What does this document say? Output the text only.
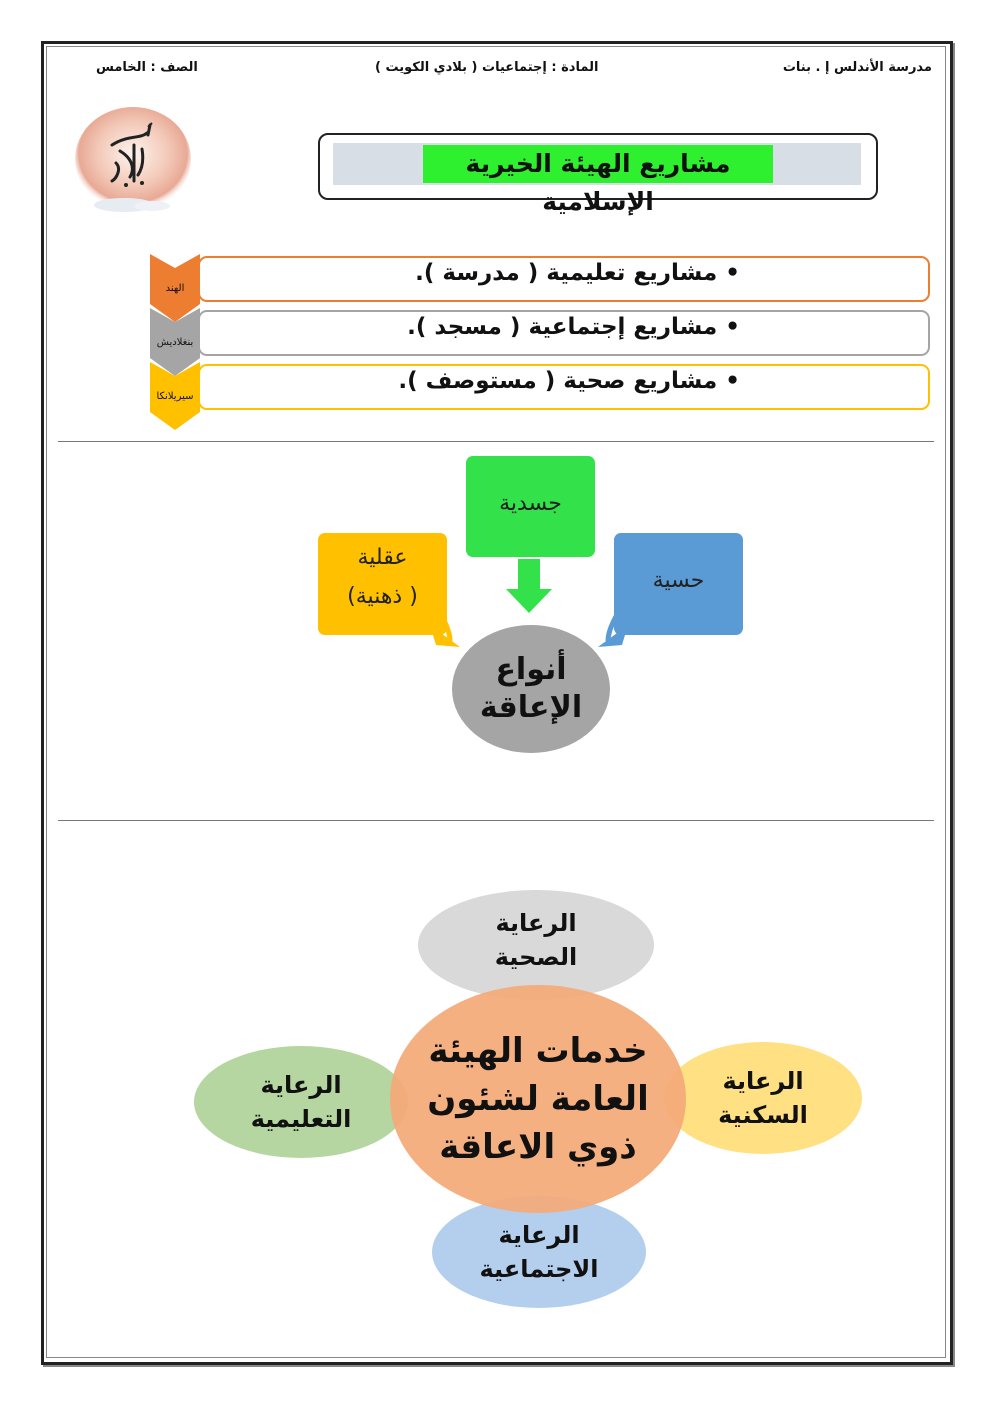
مدرسة الأندلس إ . بنات
المادة : إجتماعيات ( بلادي الكويت )
الصف : الخامس
مشاريع الهيئة الخيرية الإسلامية
الهند
• مشاريع تعليمية ( مدرسة ).
بنغلاديش
• مشاريع إجتماعية ( مسجد ).
سيريلانكا
• مشاريع صحية ( مستوصف ).
جسدية
عقلية
( ذهنية)
حسية
أنواع
الإعاقة
الرعاية
الصحية
الرعاية
الاجتماعية
الرعاية
السكنية
الرعاية
التعليمية
خدمات الهيئة
العامة لشئون
ذوي الاعاقة
